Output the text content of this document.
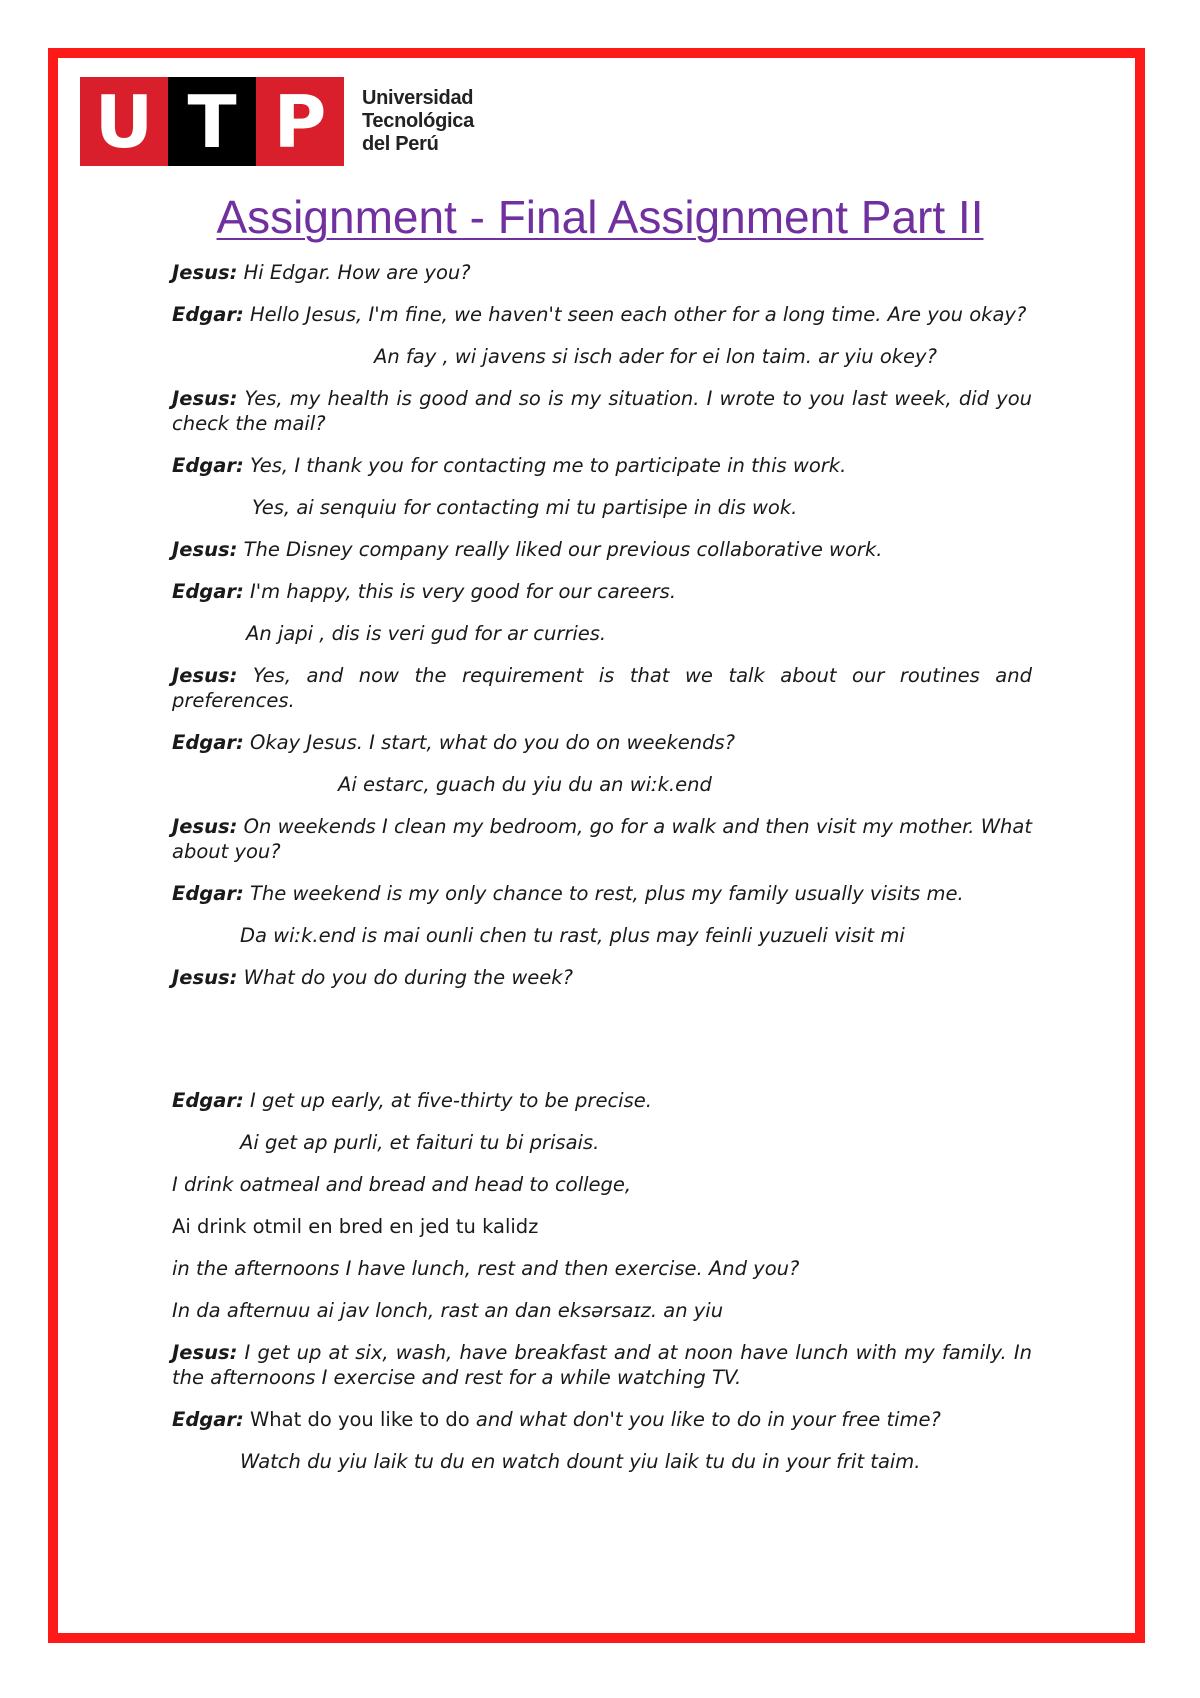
U T P	Universidad
Tecnológica
del Perú
Assignment - Final Assignment Part II

Jesus: Hi Edgar. How are you?

Edgar: Hello Jesus, I'm fine, we haven't seen each other for a long time. Are you okay?

An fay , wi javens si isch ader for ei lon taim. ar yiu okey?

Jesus: Yes, my health is good and so is my situation. I wrote to you last week, did you check the mail?

Edgar: Yes, I thank you for contacting me to participate in this work.

Yes, ai senquiu for contacting mi tu partisipe in dis wok.

Jesus: The Disney company really liked our previous collaborative work.

Edgar: I'm happy, this is very good for our careers.

An japi , dis is veri gud for ar curries.

Jesus: Yes, and now the requirement is that we talk about our routines and preferences.

Edgar: Okay Jesus. I start, what do you do on weekends?

Ai estarc, guach du yiu du an wiːk.end

Jesus: On weekends I clean my bedroom, go for a walk and then visit my mother. What about you?

Edgar: The weekend is my only chance to rest, plus my family usually visits me.

Da wiːk.end is mai ounli chen tu rast, plus may feinli yuzueli visit mi

Jesus: What do you do during the week?

Edgar: I get up early, at five-thirty to be precise.

Ai get ap purli, et faituri tu bi prisais.

I drink oatmeal and bread and head to college,

Ai drink otmil en bred en jed tu kalidz

in the afternoons I have lunch, rest and then exercise. And you?

In da afternuu ai jav lonch, rast an dan eksərsaɪz. an yiu

Jesus: I get up at six, wash, have breakfast and at noon have lunch with my family. In the afternoons I exercise and rest for a while watching TV.

Edgar: What do you like to do and what don't you like to do in your free time?

Watch du yiu laik tu du en watch dount yiu laik tu du in your frit taim.
